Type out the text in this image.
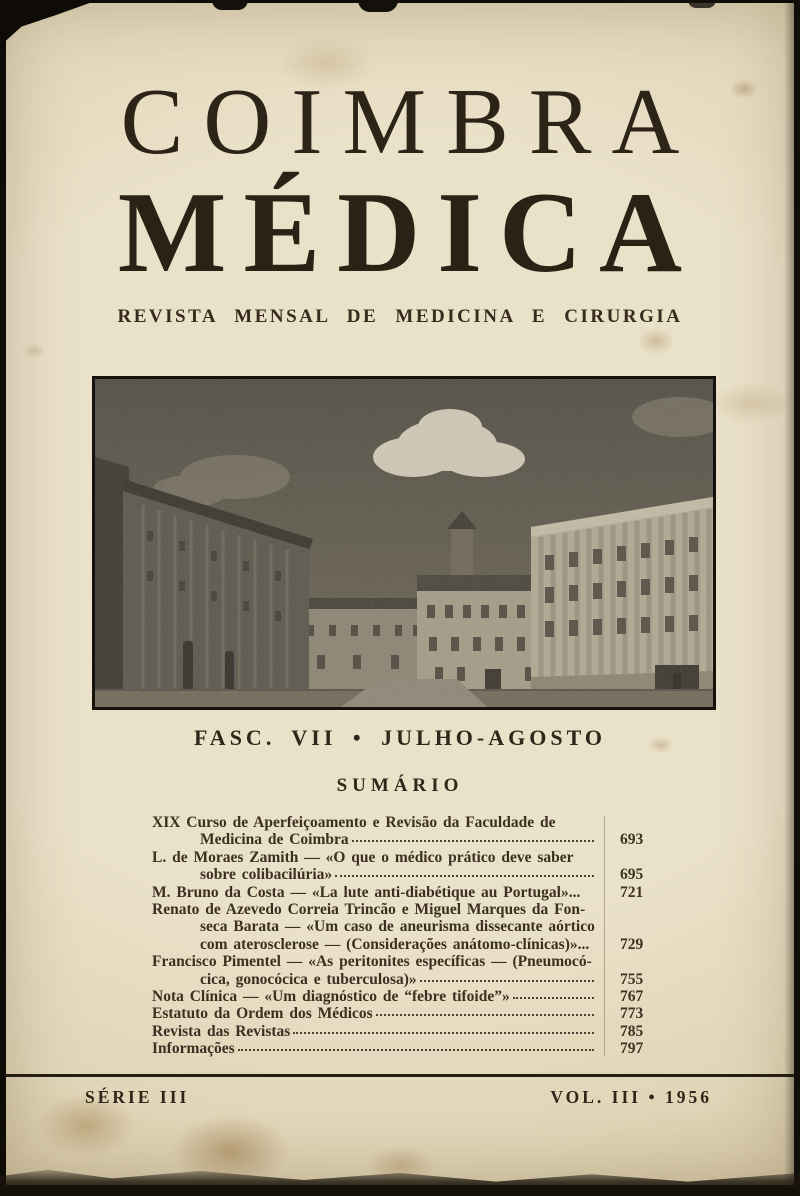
COIMBRA
MÉDICA
REVISTA MENSAL DE MEDICINA E CIRURGIA
FASC. VII • JULHO-AGOSTO
SUMÁRIO
XIX Curso de Aperfeiçoamento e Revisão da Faculdade de
Medicina de Coimbra	693
L. de Moraes Zamith — «O que o médico prático deve saber
sobre colibacilúria»	695
M. Bruno da Costa — «La lute anti-diabétique au Portugal»...	721
Renato de Azevedo Correia Trincão e Miguel Marques da Fon-
seca Barata — «Um caso de aneurisma dissecante aórtico
com aterosclerose — (Considerações anátomo-clínicas)»...	729
Francisco Pimentel — «As peritonites específicas — (Pneumocó-
cica, gonocócica e tuberculosa)»	755
Nota Clínica — «Um diagnóstico de “febre tifoide”»	767
Estatuto da Ordem dos Médicos	773
Revista das Revistas	785
Informações	797
SÉRIE III	VOL. III • 1956
